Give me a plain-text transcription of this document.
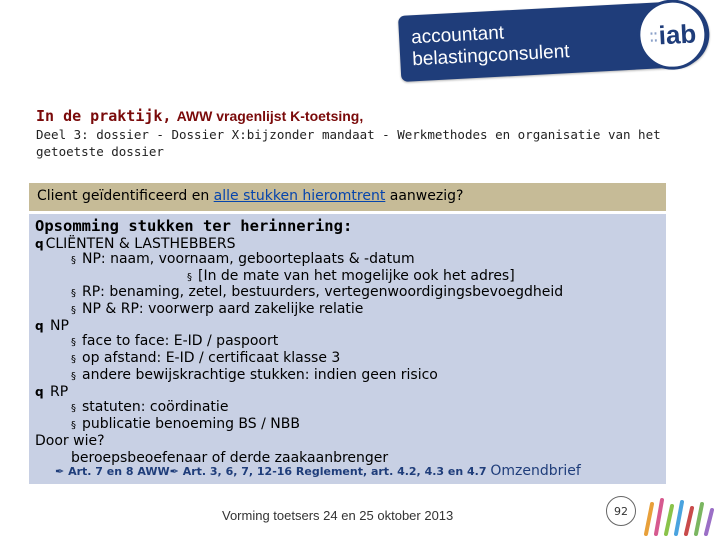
accountant
belastingconsulent
:: iab
In de praktijk, AWW vragenlijst K-toetsing,
Deel 3: dossier - Dossier X:bijzonder mandaat - Werkmethodes en organisatie van het getoetste dossier
Client geïdentificeerd en alle stukken hieromtrent aanwezig?
Opsomming stukken ter herinnering:
q CLIËNTEN & LASTHEBBERS
§ NP: naam, voornaam, geboorteplaats & -datum
§ [In de mate van het mogelijke ook het adres]
§ RP: benaming, zetel, bestuurders, vertegenwoordigingsbevoegdheid
§ NP & RP: voorwerp aard zakelijke relatie
q NP
§ face to face: E-ID / paspoort
§ op afstand: E-ID / certificaat klasse 3
§ andere bewijskrachtige stukken: indien geen risico
q RP
§ statuten: coördinatie
§ publicatie benoeming BS / NBB
Door wie?
beroepsbeoefenaar of derde zaakaanbrenger
✒ Art. 7 en 8 AWW✒ Art. 3, 6, 7, 12-16 Reglement, art. 4.2, 4.3 en 4.7 Omzendbrief
Vorming toetsers 24 en 25 oktober 2013	92
